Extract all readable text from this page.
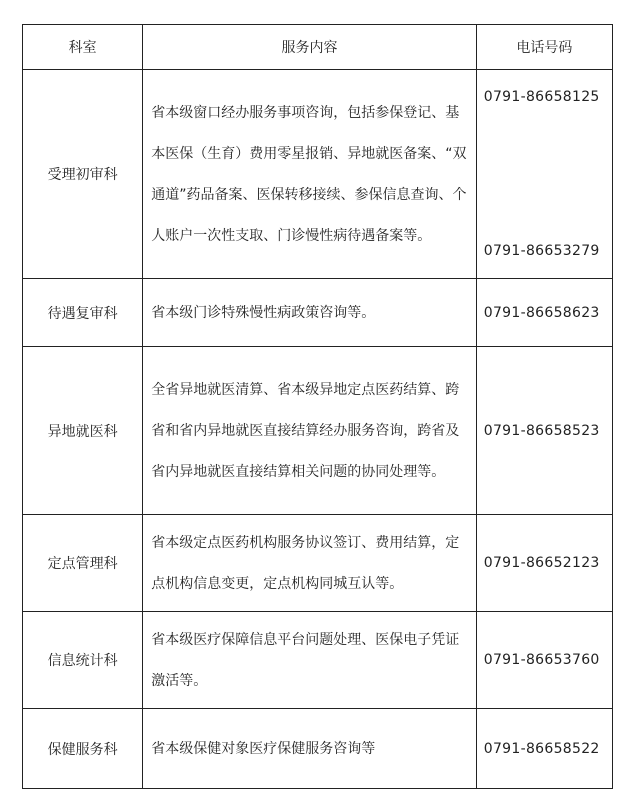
科室	服务内容	电话号码
受理初审科	省本级窗口经办服务事项咨询，包括参保登记、基本医保（生育）费用零星报销、异地就医备案、“双通道”药品备案、医保转移接续、参保信息查询、个人账户一次性支取、门诊慢性病待遇备案等。	0791-86658125
0791-86653279

待遇复审科	省本级门诊特殊慢性病政策咨询等。	0791-86658623

异地就医科	全省异地就医清算、省本级异地定点医药结算、跨省和省内异地就医直接结算经办服务咨询，跨省及省内异地就医直接结算相关问题的协同处理等。	0791-86658523

定点管理科	省本级定点医药机构服务协议签订、费用结算，定点机构信息变更，定点机构同城互认等。	0791-86652123

信息统计科	省本级医疗保障信息平台问题处理、医保电子凭证激活等。	0791-86653760

保健服务科	省本级保健对象医疗保健服务咨询等	0791-86658522
